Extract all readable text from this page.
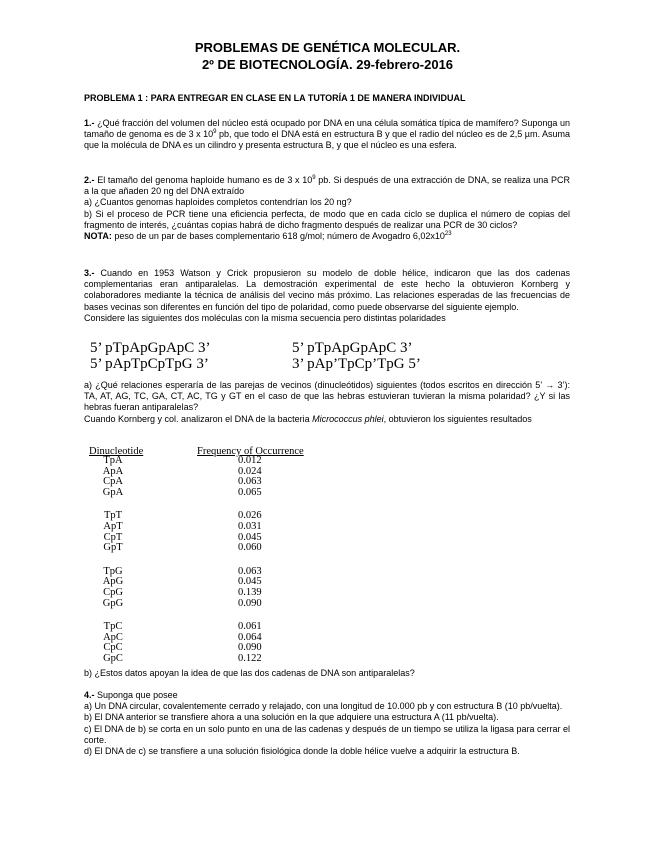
PROBLEMAS DE GENÉTICA MOLECULAR.
2º DE BIOTECNOLOGÍA. 29-febrero-2016
PROBLEMA 1 : PARA ENTREGAR EN CLASE EN LA TUTORÍA 1 DE MANERA INDIVIDUAL
1.- ¿Qué fracción del volumen del núcleo está ocupado por DNA en una célula somática típica de mamífero? Suponga un tamaño de genoma es de 3 x $10^9$ pb, que todo el DNA está en estructura B y que el radio del núcleo es de 2,5 µm. Asuma que la molécula de DNA es un cilindro y presenta estructura B, y que el núcleo es una esfera.

2.- El tamaño del genoma haploide humano es de 3 x $10^9$ pb. Si después de una extracción de DNA, se realiza una PCR a la que añaden 20 ng del DNA extraído

a) ¿Cuantos genomas haploides completos contendrían los 20 ng?

b) Si el proceso de PCR tiene una eficiencia perfecta, de modo que en cada ciclo se duplica el número de copias del fragmento de interés, ¿cuántas copias habrá de dicho fragmento después de realizar una PCR de 30 ciclos?

NOTA: peso de un par de bases complementario 618 g/mol; número de Avogadro $6,02x10^{23}$

3.- Cuando en 1953 Watson y Crick propusieron su modelo de doble hélice, indicaron que las dos cadenas complementarias eran antiparalelas. La demostración experimental de este hecho la obtuvieron Kornberg y colaboradores mediante la técnica de análisis del vecino más próximo. Las relaciones esperadas de las frecuencias de bases vecinas son diferentes en función del tipo de polaridad, como puede observarse del siguiente ejemplo.

Considere las siguientes dos moléculas con la misma secuencia pero distintas polaridades

5’ pTpApGpApC 3’
5’ pApTpCpTpG 3’
5’ pTpApGpApC 3’
3’ pAp’TpCp’TpG 5’

a) ¿Qué relaciones esperaría de las parejas de vecinos (dinucleótidos) siguientes (todos escritos en dirección 5’ → 3’): TA, AT, AG, TC, GA, CT, AC, TG y GT en el caso de que las hebras estuvieran tuvieran la misma polaridad? ¿Y si las hebras fueran antiparalelas?

Cuando Kornberg y col. analizaron el DNA de la bacteria Micrococcus phlei, obtuvieron los siguientes resultados

Dinucleotide	Frequency of Occurrence
TpA	0.012
ApA	0.024
CpA	0.063
GpA	0.065
TpT	0.026
ApT	0.031
CpT	0.045
GpT	0.060
TpG	0.063
ApG	0.045
CpG	0.139
GpG	0.090
TpC	0.061
ApC	0.064
CpC	0.090
GpC	0.122
b) ¿Estos datos apoyan la idea de que las dos cadenas de DNA son antiparalelas?

4.- Suponga que posee

a) Un DNA circular, covalentemente cerrado y relajado, con una longitud de 10.000 pb y con estructura B (10 pb/vuelta).

b) El DNA anterior se transfiere ahora a una solución en la que adquiere una estructura A (11 pb/vuelta).

c) El DNA de b) se corta en un solo punto en una de las cadenas y después de un tiempo se utiliza la ligasa para cerrar el corte.

d) El DNA de c) se transfiere a una solución fisiológica donde la doble hélice vuelve a adquirir la estructura B.
